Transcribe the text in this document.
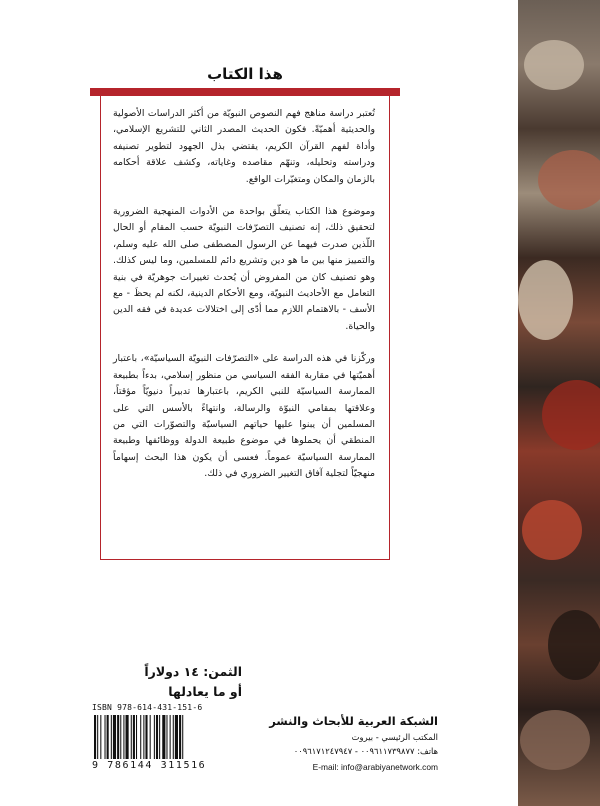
هذا الكتاب

تُعتبر دراسة مناهج فهم النصوص النبويّة من أكثر الدراسات الأصولية والحديثية أهميّةً. فكون الحديث المصدر الثاني للتشريع الإسلامي، وأداة لفهم القرآن الكريم، يقتضي بذل الجهود لتطوير تصنيفه ودراسته وتحليله، وتنهّم مقاصده وغاياته، وكشف علاقة أحكامه بالزمان والمكان ومتغيّرات الواقع.

وموضوع هذا الكتاب يتعلّق بواحدة من الأدوات المنهجية الضرورية لتحقيق ذلك، إنه تصنيف التصرّفات النبويّة حسب المقام أو الحال اللّذين صدرت فيهما عن الرسول المصطفى صلى الله عليه وسلم، والتمييز منها بين ما هو دين وتشريع دائم للمسلمين، وما ليس كذلك. وهو تصنيف كان من المفروض أن يُحدث تغييرات جوهريّة في بنية التعامل مع الأحاديث النبويّة، ومع الأحكام الدينية، لكنه لم يحظَ - مع الأسف - بالاهتمام اللازم مما أدّى إلى اختلالات عديدة في فقه الدين والحياة.

وركّزنا في هذه الدراسة على «التصرّفات النبويّة السياسيّة»، باعتبار أهميّتها في مقاربة الفقه السياسي من منظور إسلامي، بدءاً بطبيعة الممارسة السياسيّة للنبي الكريم، باعتبارها تدبيراً دنيويّاً مؤقتاً، وعلاقتها بمقامي النبوّة والرسالة، وانتهاءً بالأسس التي على المسلمين أن يبنوا عليها حياتهم السياسيّة والتصوّرات التي من المنطقي أن يحملوها في موضوع طبيعة الدولة ووظائفها وطبيعة الممارسة السياسيّة عموماً. فعسى أن يكون هذا البحث إسهاماً منهجيّاً لتجلية آفاق التغيير الضروري في ذلك.

الثمن: ١٤ دولاراً
أو ما يعادلها
ISBN 978-614-431-151-6
9 786144 311516
الشبكة العربية للأبحاث والنشر
المكتب الرئيسي - بيروت
هاتف: ٠٠٩٦١١٧٣٩٨٧٧ - ٠٠٩٦١٧١٢٤٧٩٤٧
E-mail: info@arabiyanetwork.com
